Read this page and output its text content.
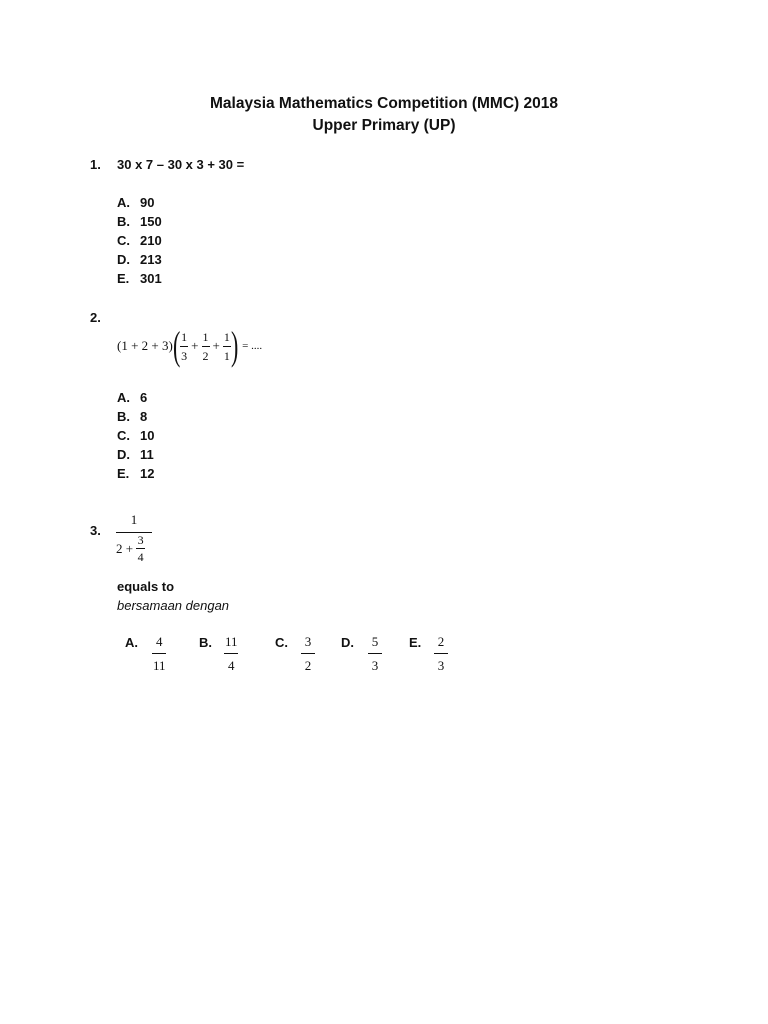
Malaysia Mathematics Competition (MMC) 2018
Upper Primary (UP)
1. 30 x 7 – 30 x 3 + 30 =
A. 90
B. 150
C. 210
D. 213
E. 301
2.
(1 + 2 + 3) ( $\frac{1}{3} + \frac{1}{2} + \frac{1}{1}$ ) = ....
A. 6
B. 8
C. 10
D. 11
E. 12
3.
1
$2 + \frac{3}{4}$
equals to
bersamaan dengan
A. $\frac{4}{11} B$. $\frac{11}{4}$	C. $\frac{3}{2} D$. $\frac{5}{3} E$. $\frac{2}{3}$
